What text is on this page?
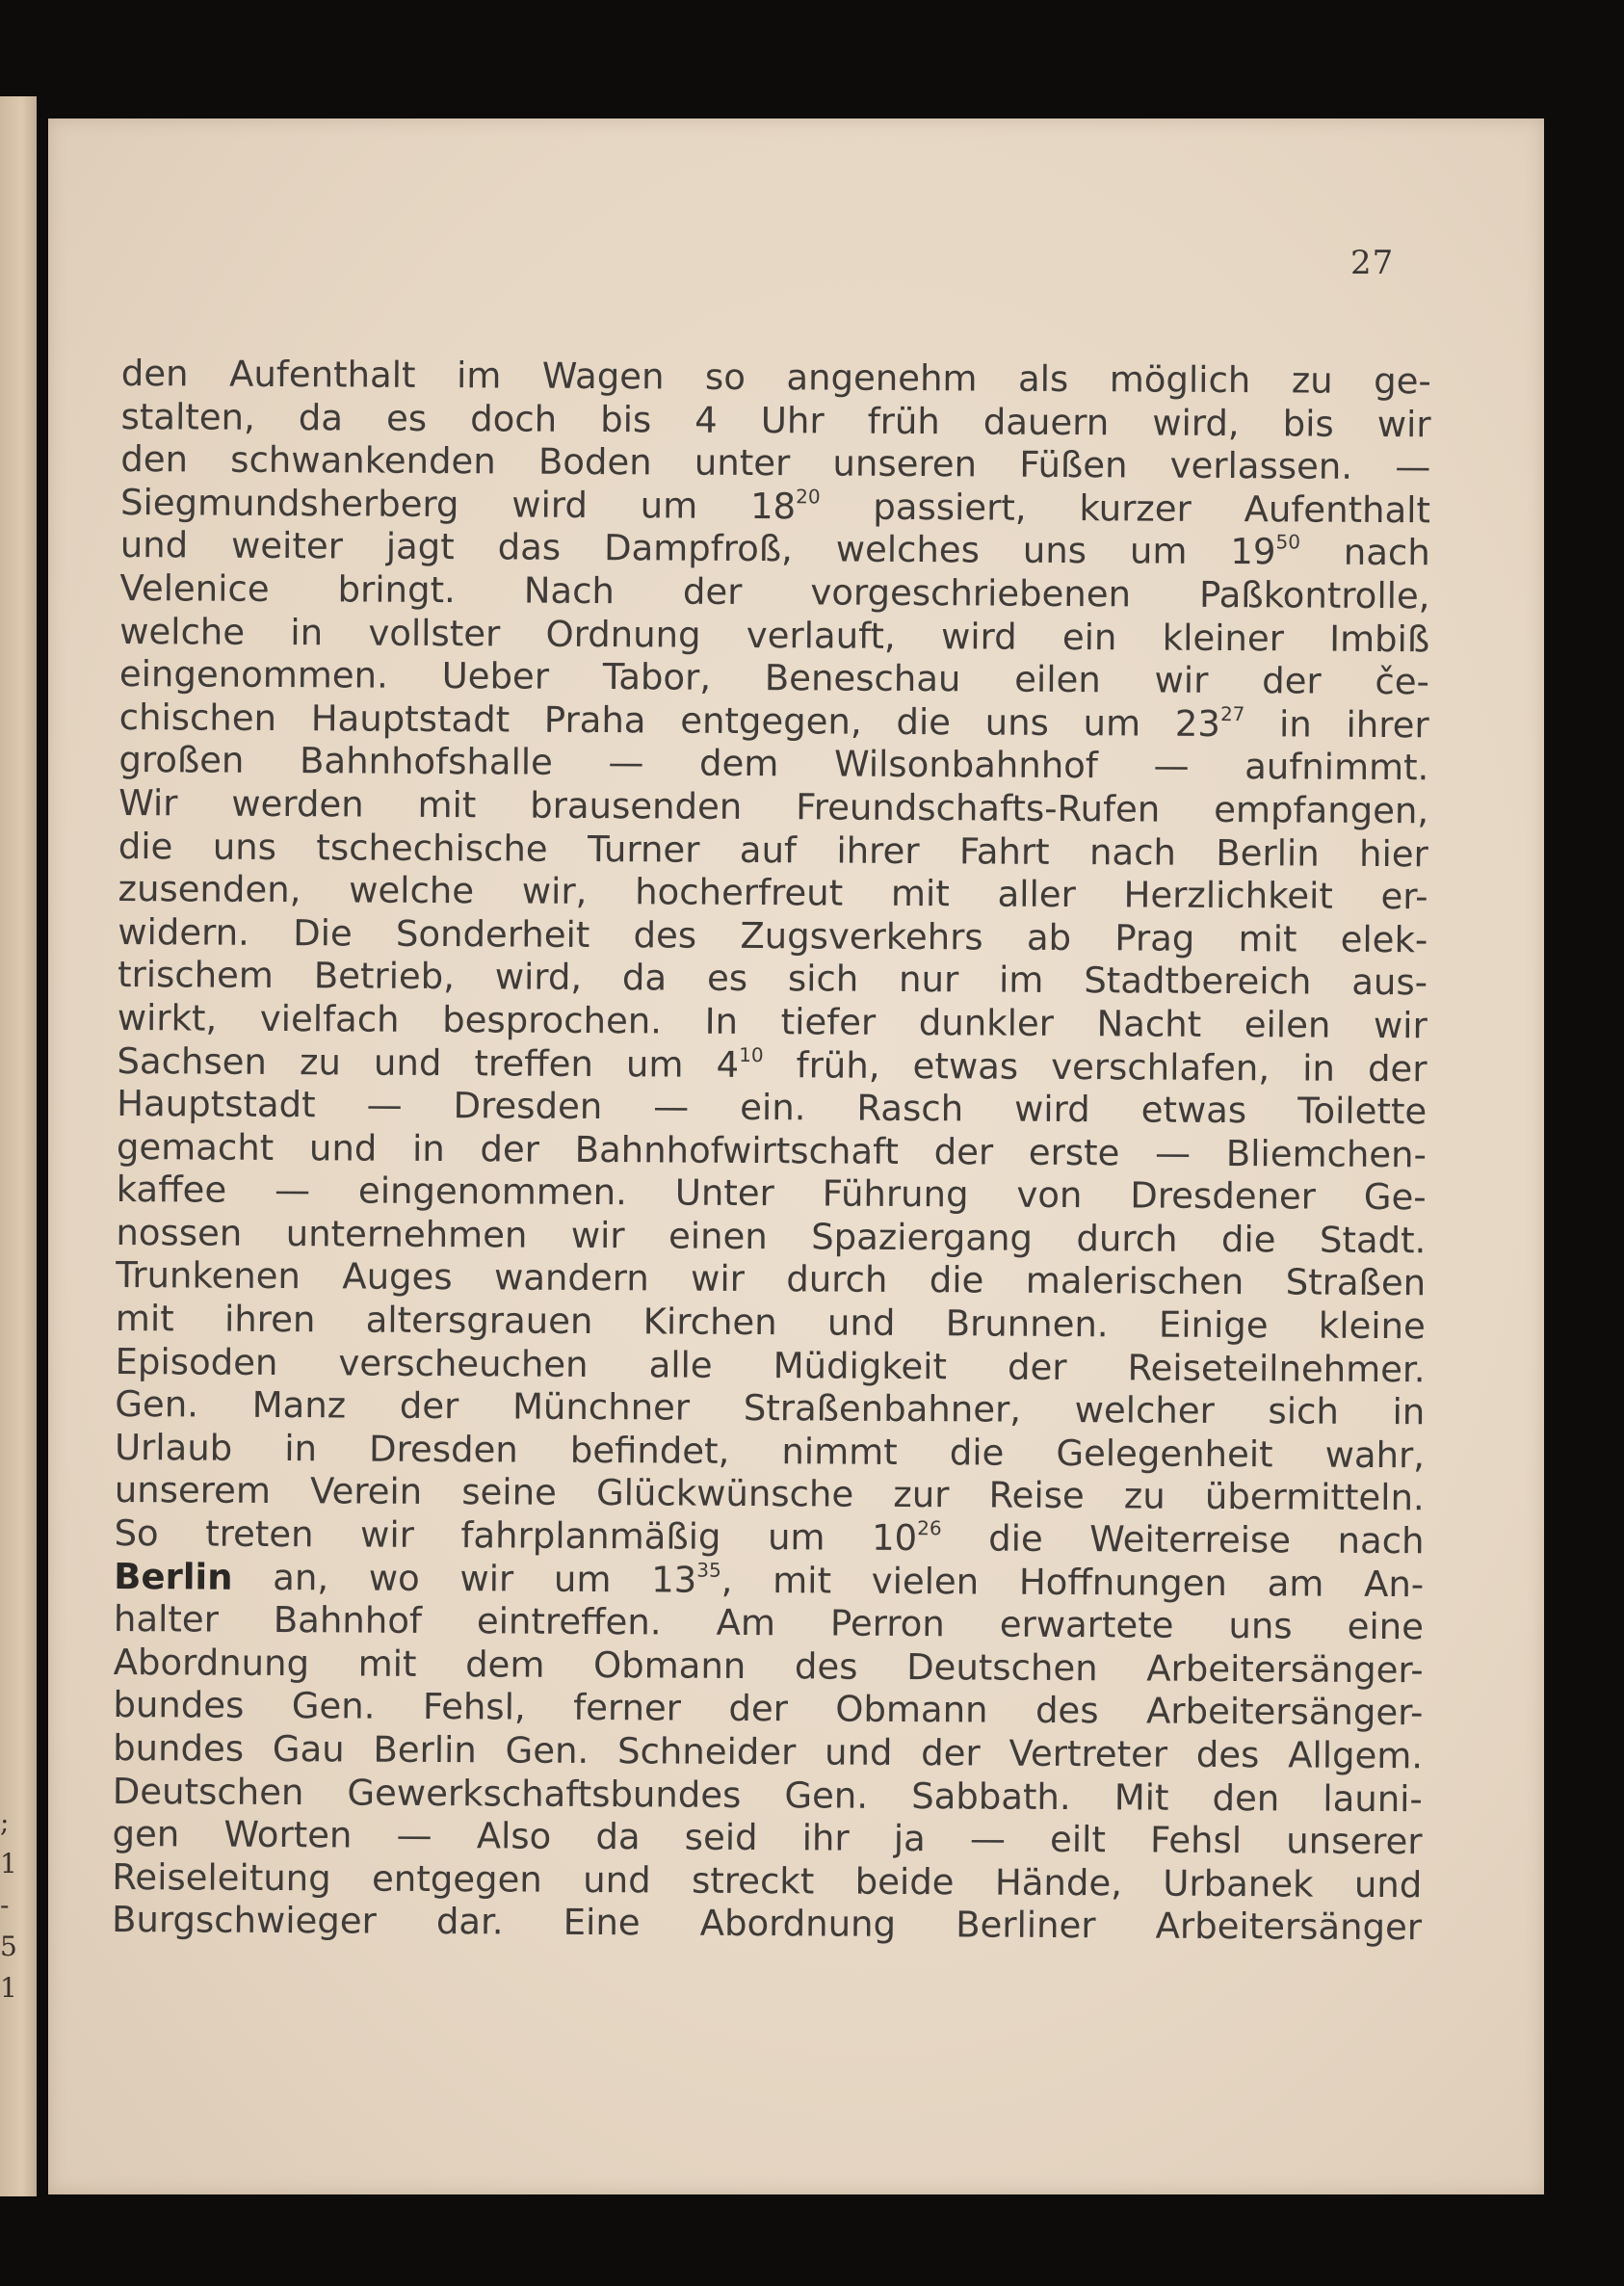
;
1
-
5
1
27
den Aufenthalt im Wagen so angenehm als möglich zu ge-
stalten, da es doch bis 4 Uhr früh dauern wird, bis wir
den schwankenden Boden unter unseren Füßen verlassen. —
Siegmundsherberg wird um $18^{20}$ passiert, kurzer Aufenthalt
und weiter jagt das Dampfroß, welches uns um $19^{50}$ nach
Velenice bringt. Nach der vorgeschriebenen Paßkontrolle,
welche in vollster Ordnung verlauft, wird ein kleiner Imbiß
eingenommen. Ueber Tabor, Beneschau eilen wir der če-
chischen Hauptstadt Praha entgegen, die uns um $23^{27}$ in ihrer
großen Bahnhofshalle — dem Wilsonbahnhof — aufnimmt.
Wir werden mit brausenden Freundschafts-Rufen empfangen,
die uns tschechische Turner auf ihrer Fahrt nach Berlin hier
zusenden, welche wir, hocherfreut mit aller Herzlichkeit er-
widern. Die Sonderheit des Zugsverkehrs ab Prag mit elek-
trischem Betrieb, wird, da es sich nur im Stadtbereich aus-
wirkt, vielfach besprochen. In tiefer dunkler Nacht eilen wir
Sachsen zu und treffen um $4^{10}$ früh, etwas verschlafen, in der
Hauptstadt — Dresden — ein. Rasch wird etwas Toilette
gemacht und in der Bahnhofwirtschaft der erste — Bliemchen-
kaffee — eingenommen. Unter Führung von Dresdener Ge-
nossen unternehmen wir einen Spaziergang durch die Stadt.
Trunkenen Auges wandern wir durch die malerischen Straßen
mit ihren altersgrauen Kirchen und Brunnen. Einige kleine
Episoden verscheuchen alle Müdigkeit der Reiseteilnehmer.
Gen. Manz der Münchner Straßenbahner, welcher sich in
Urlaub in Dresden befindet, nimmt die Gelegenheit wahr,
unserem Verein seine Glückwünsche zur Reise zu übermitteln.
So treten wir fahrplanmäßig um $10^{26}$ die Weiterreise nach
Berlin an, wo wir um $13^{35}$, mit vielen Hoffnungen am An-
halter Bahnhof eintreffen. Am Perron erwartete uns eine
Abordnung mit dem Obmann des Deutschen Arbeitersänger-
bundes Gen. Fehsl, ferner der Obmann des Arbeitersänger-
bundes Gau Berlin Gen. Schneider und der Vertreter des Allgem.
Deutschen Gewerkschaftsbundes Gen. Sabbath. Mit den launi-
gen Worten — Also da seid ihr ja — eilt Fehsl unserer
Reiseleitung entgegen und streckt beide Hände, Urbanek und
Burgschwieger dar. Eine Abordnung Berliner Arbeitersänger
